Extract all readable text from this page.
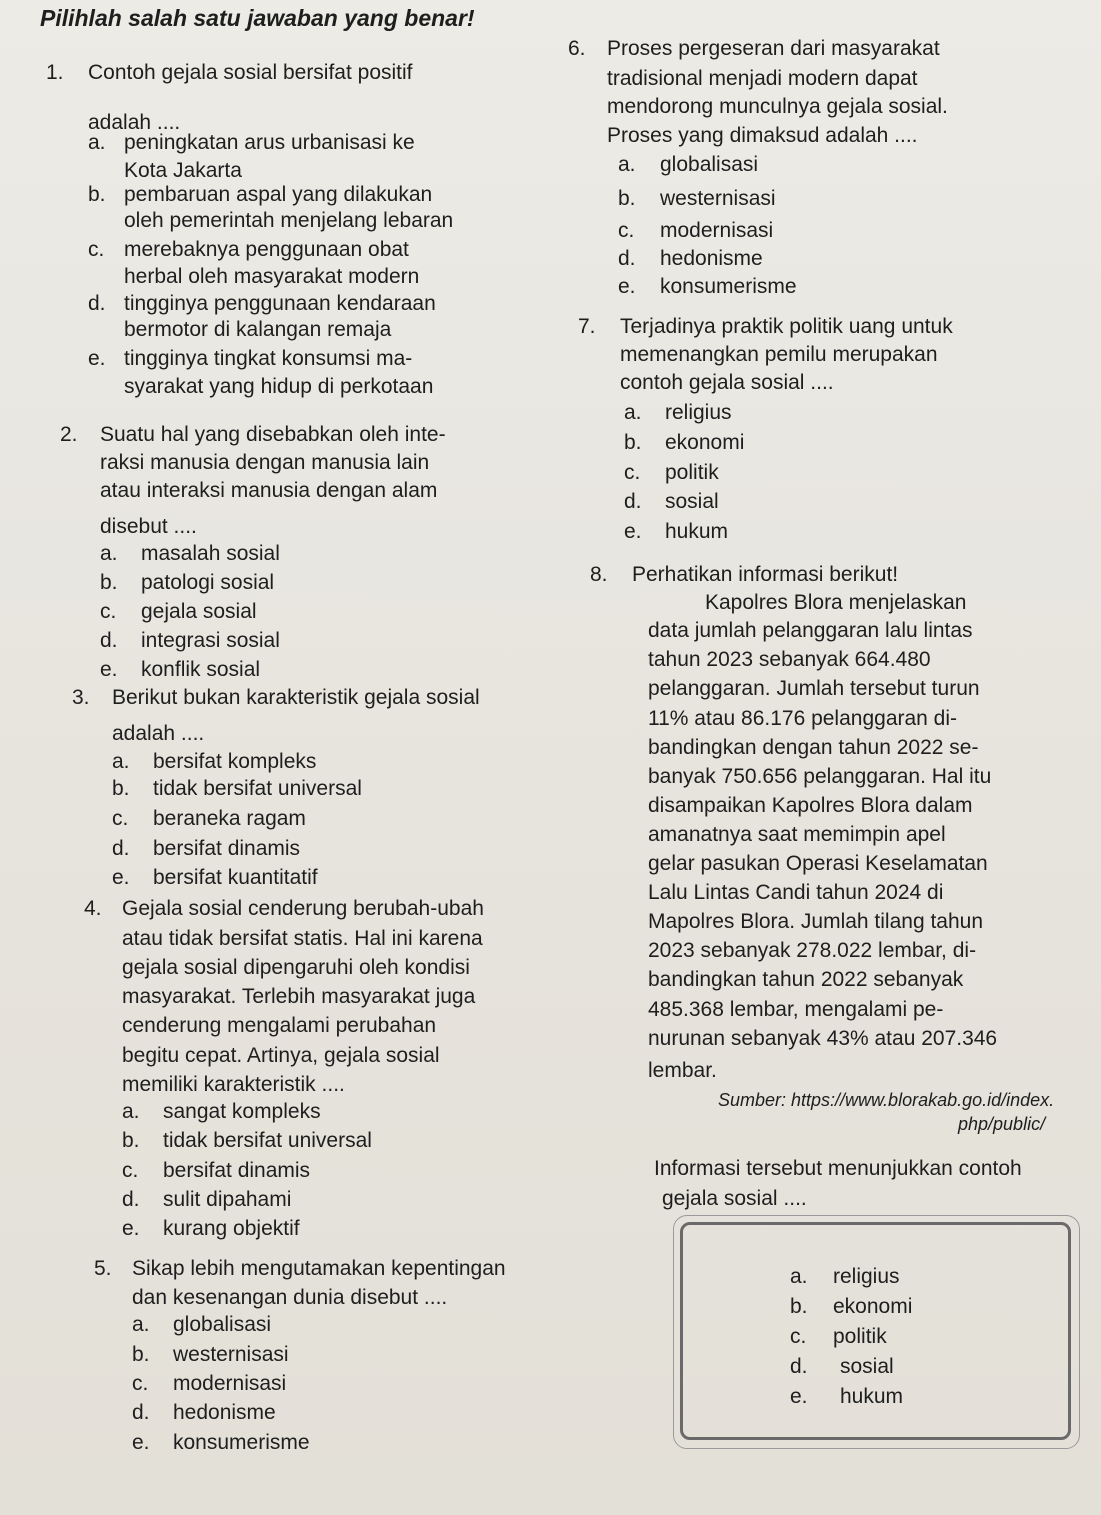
Pilihlah salah satu jawaban yang benar!
1. Contoh gejala sosial bersifat positif
adalah ....
a. peningkatan arus urbanisasi ke
Kota Jakarta
b. pembaruan aspal yang dilakukan
oleh pemerintah menjelang lebaran
c. merebaknya penggunaan obat
herbal oleh masyarakat modern
d. tingginya penggunaan kendaraan
bermotor di kalangan remaja
e. tingginya tingkat konsumsi ma-
syarakat yang hidup di perkotaan
2. Suatu hal yang disebabkan oleh inte-
raksi manusia dengan manusia lain
atau interaksi manusia dengan alam
disebut ....
a. masalah sosial
b. patologi sosial
c. gejala sosial
d. integrasi sosial
e. konflik sosial
3. Berikut bukan karakteristik gejala sosial
adalah ....
a. bersifat kompleks
b. tidak bersifat universal
c. beraneka ragam
d. bersifat dinamis
e. bersifat kuantitatif
4. Gejala sosial cenderung berubah-ubah
atau tidak bersifat statis. Hal ini karena
gejala sosial dipengaruhi oleh kondisi
masyarakat. Terlebih masyarakat juga
cenderung mengalami perubahan
begitu cepat. Artinya, gejala sosial
memiliki karakteristik ....
a. sangat kompleks
b. tidak bersifat universal
c. bersifat dinamis
d. sulit dipahami
e. kurang objektif
5. Sikap lebih mengutamakan kepentingan
dan kesenangan dunia disebut ....
a. globalisasi
b. westernisasi
c. modernisasi
d. hedonisme
e. konsumerisme
6. Proses pergeseran dari masyarakat
tradisional menjadi modern dapat
mendorong munculnya gejala sosial.
Proses yang dimaksud adalah ....
a. globalisasi
b. westernisasi
c. modernisasi
d. hedonisme
e. konsumerisme
7. Terjadinya praktik politik uang untuk
memenangkan pemilu merupakan
contoh gejala sosial ....
a. religius
b. ekonomi
c. politik
d. sosial
e. hukum
8. Perhatikan informasi berikut!
Kapolres Blora menjelaskan
data jumlah pelanggaran lalu lintas
tahun 2023 sebanyak 664.480
pelanggaran. Jumlah tersebut turun
11% atau 86.176 pelanggaran di-
bandingkan dengan tahun 2022 se-
banyak 750.656 pelanggaran. Hal itu
disampaikan Kapolres Blora dalam
amanatnya saat memimpin apel
gelar pasukan Operasi Keselamatan
Lalu Lintas Candi tahun 2024 di
Mapolres Blora. Jumlah tilang tahun
2023 sebanyak 278.022 lembar, di-
bandingkan tahun 2022 sebanyak
485.368 lembar, mengalami pe-
nurunan sebanyak 43% atau 207.346
lembar.
Sumber: https://www.blorakab.go.id/index.
php/public/
Informasi tersebut menunjukkan contoh
gejala sosial ....
a. religius
b. ekonomi
c. politik
d. sosial
e. hukum
